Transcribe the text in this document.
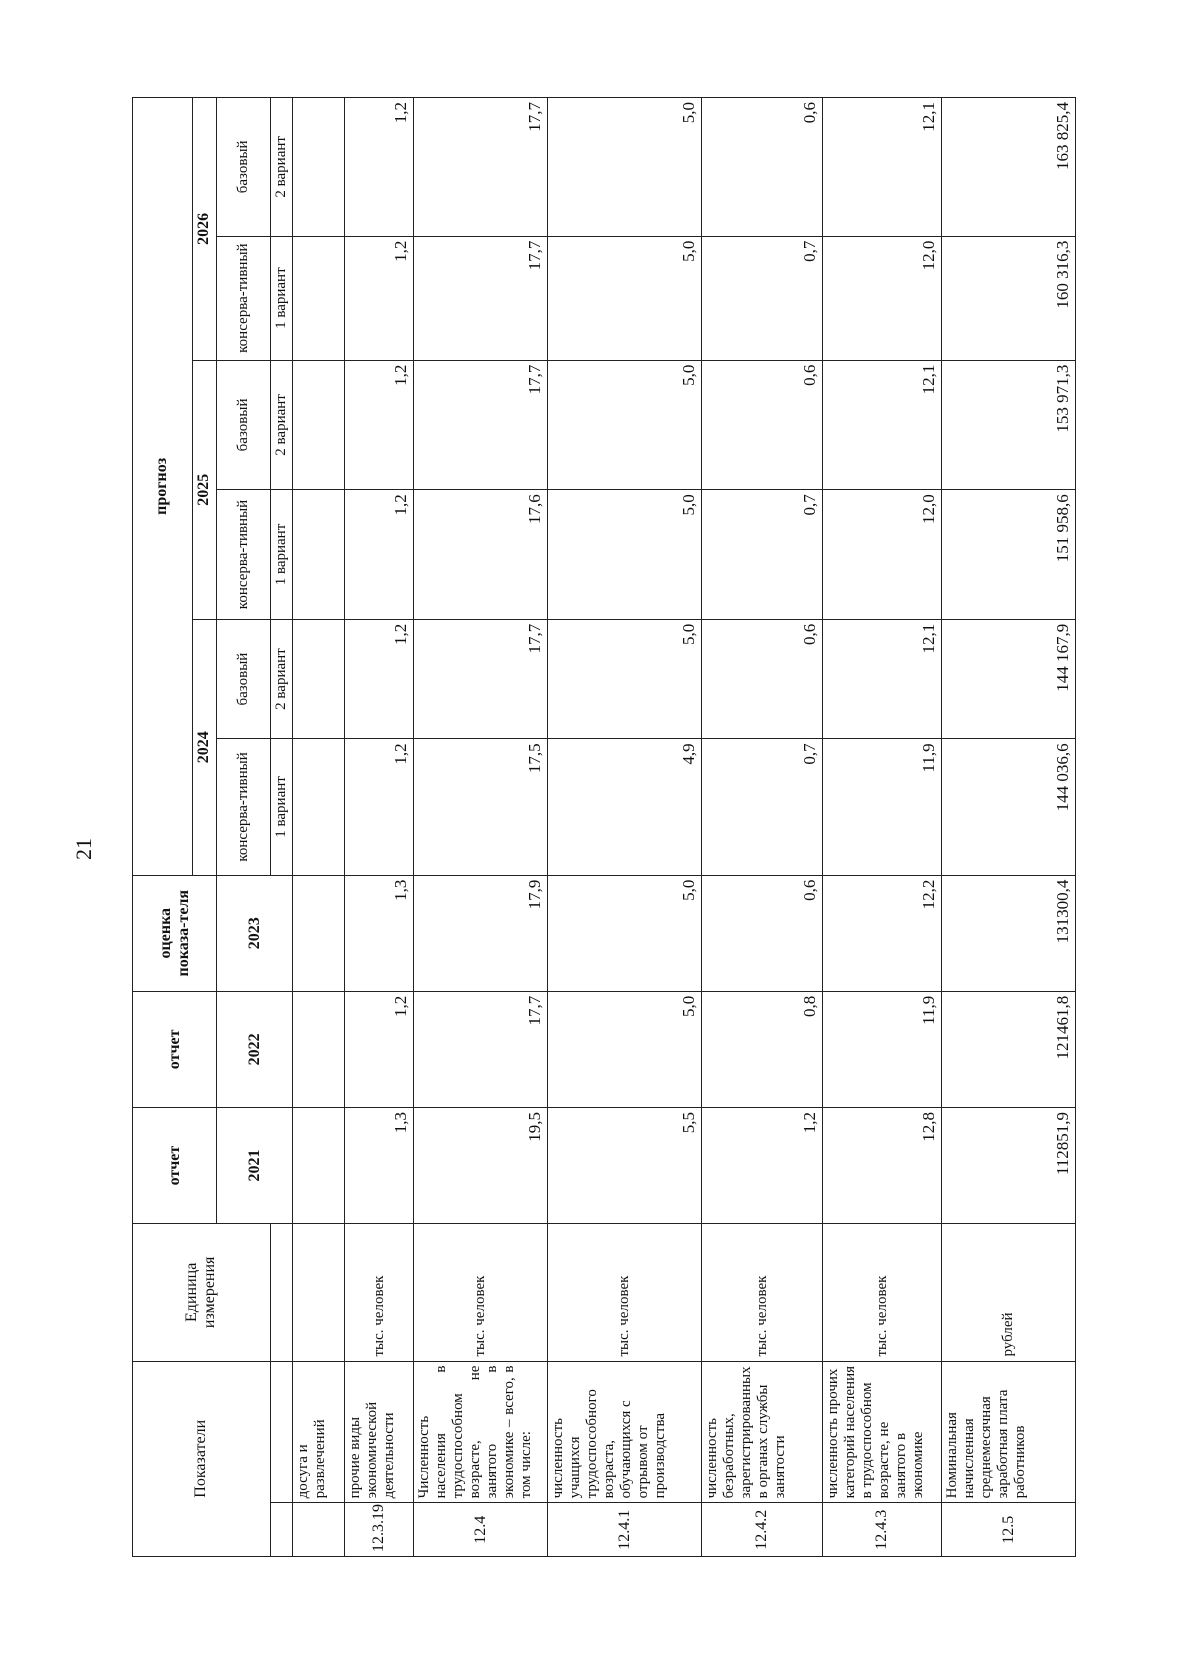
21
Показатели		Единица измерения	отчет	отчет	оценка показа-теля	прогноз					
						2024		2025		2026	
			2021	2022	2023	консерва-тивный	базовый	консерва-тивный	базовый	консерва-тивный	базовый
						1 вариант	2 вариант	1 вариант	2 вариант	1 вариант	2 вариант
	досуга и развлечений										
12.3.19	прочие виды экономической деятельности	тыс. человек	1,3	1,2	1,3	1,2	1,2	1,2	1,2	1,2	1,2
12.4	Численность населения в трудоспособном возрасте, не занятого в экономике – всего, в том числе:	тыс. человек	19,5	17,7	17,9	17,5	17,7	17,6	17,7	17,7	17,7
12.4.1	численность учащихся трудоспособного возраста, обучающихся с отрывом от производства	тыс. человек	5,5	5,0	5,0	4,9	5,0	5,0	5,0	5,0	5,0
12.4.2	численность безработных, зарегистрированных в органах службы занятости	тыс. человек	1,2	0,8	0,6	0,7	0,6	0,7	0,6	0,7	0,6
12.4.3	численность прочих категорий населения в трудоспособном возрасте, не занятого в экономике	тыс. человек	12,8	11,9	12,2	11,9	12,1	12,0	12,1	12,0	12,1
12.5	Номинальная начисленная среднемесячная заработная плата работников	рублей	112851,9	121461,8	131300,4	144 036,6	144 167,9	151 958,6	153 971,3	160 316,3	163 825,4
